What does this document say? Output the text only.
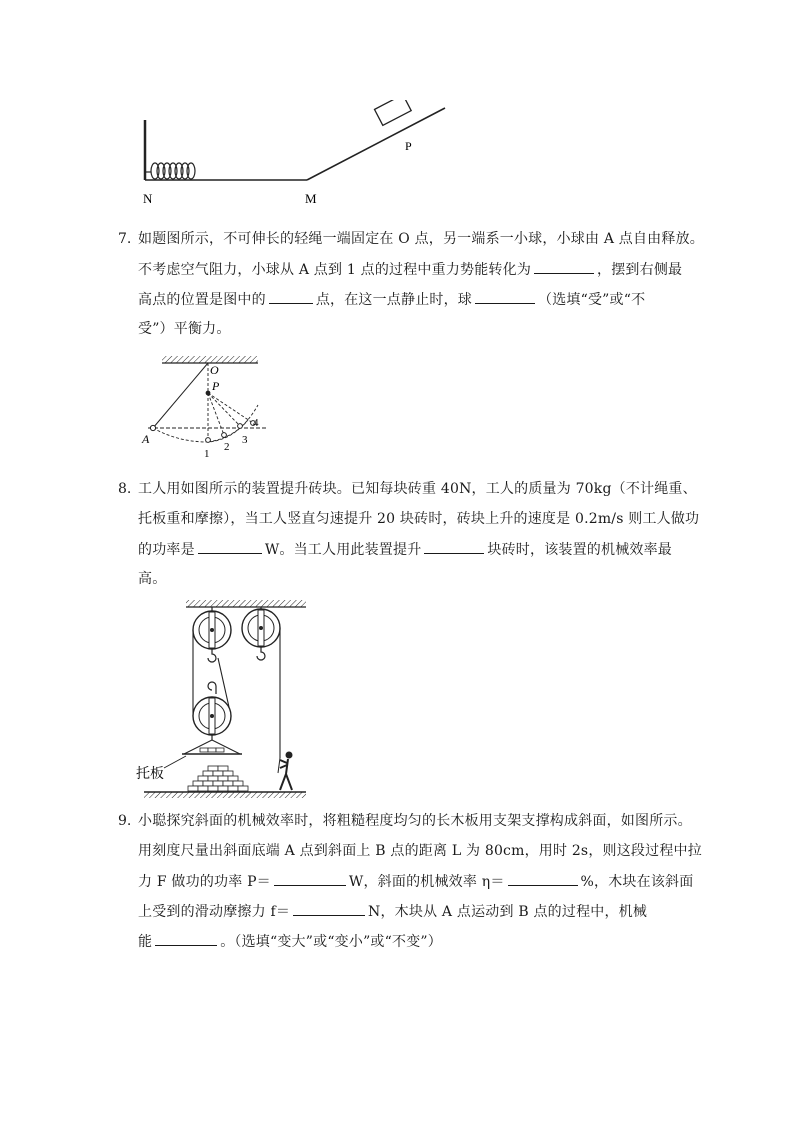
N	M
P
7. 如题图所示，不可伸长的轻绳一端固定在 O 点，另一端系一小球，小球由 A 点自由释放。
不考虑空气阻力，小球从 A 点到 1 点的过程中重力势能转化为	，摆到右侧最
高点的位置是图中的	点，在这一点静止时，球	（选填“受”或“不
受”）平衡力。
O
P
A
1
2
3
4
8. 工人用如图所示的装置提升砖块。已知每块砖重 40N，工人的质量为 70kg（不计绳重、
托板重和摩擦），当工人竖直匀速提升 20 块砖时，砖块上升的速度是 0.2m/s 则工人做功
的功率是	W。当工人用此装置提升	块砖时，该装置的机械效率最
高。
托板
9. 小聪探究斜面的机械效率时，将粗糙程度均匀的长木板用支架支撑构成斜面，如图所示。
用刻度尺量出斜面底端 A 点到斜面上 B 点的距离 L 为 80cm，用时 2s，则这段过程中拉
力 F 做功的功率 P＝	W，斜面的机械效率 η＝	%，木块在该斜面
上受到的滑动摩擦力 f＝	N，木块从 A 点运动到 B 点的过程中，机械
能	。（选填“变大”或“变小”或“不变”）
